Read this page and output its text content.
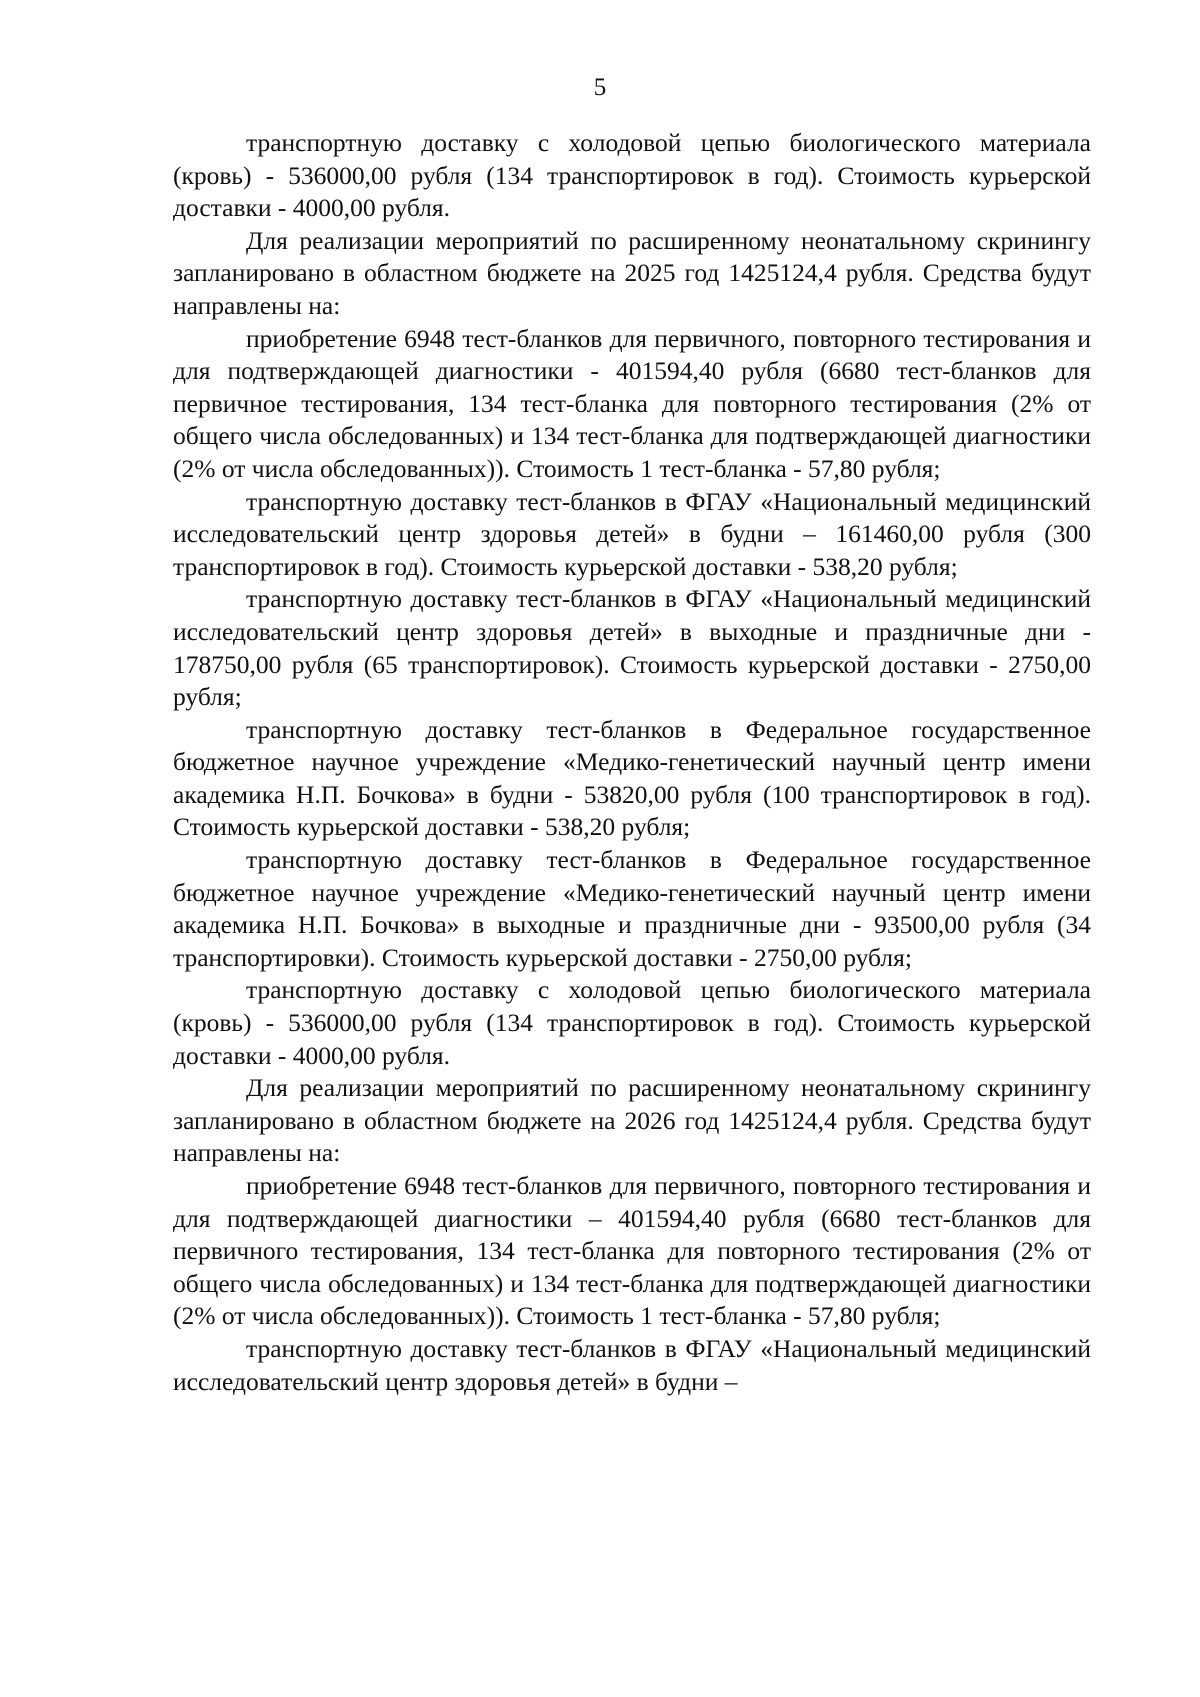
5

транспортную доставку с холодовой цепью биологического материала (кровь) - 536000,00 рубля (134 транспортировок в год). Стоимость курьерской доставки - 4000,00 рубля.

Для реализации мероприятий по расширенному неонатальному скринингу запланировано в областном бюджете на 2025 год 1425124,4 рубля. Средства будут направлены на:

приобретение 6948 тест-бланков для первичного, повторного тестирования и для подтверждающей диагностики - 401594,40 рубля (6680 тест-бланков для первичное тестирования, 134 тест-бланка для повторного тестирования (2% от общего числа обследованных) и 134 тест-бланка для подтверждающей диагностики (2% от числа обследованных)). Стоимость 1 тест-бланка - 57,80 рубля;

транспортную доставку тест-бланков в ФГАУ «Национальный медицинский исследовательский центр здоровья детей» в будни – 161460,00 рубля (300 транспортировок в год). Стоимость курьерской доставки - 538,20 рубля;

транспортную доставку тест-бланков в ФГАУ «Национальный медицинский исследовательский центр здоровья детей» в выходные и праздничные дни - 178750,00 рубля (65 транспортировок). Стоимость курьерской доставки - 2750,00 рубля;

транспортную доставку тест-бланков в Федеральное государственное бюджетное научное учреждение «Медико-генетический научный центр имени академика Н.П. Бочкова» в будни - 53820,00 рубля (100 транспортировок в год). Стоимость курьерской доставки - 538,20 рубля;

транспортную доставку тест-бланков в Федеральное государственное бюджетное научное учреждение «Медико-генетический научный центр имени академика Н.П. Бочкова» в выходные и праздничные дни - 93500,00 рубля (34 транспортировки). Стоимость курьерской доставки - 2750,00 рубля;

транспортную доставку с холодовой цепью биологического материала (кровь) - 536000,00 рубля (134 транспортировок в год). Стоимость курьерской доставки - 4000,00 рубля.

Для реализации мероприятий по расширенному неонатальному скринингу запланировано в областном бюджете на 2026 год 1425124,4 рубля. Средства будут направлены на:

приобретение 6948 тест-бланков для первичного, повторного тестирования и для подтверждающей диагностики – 401594,40 рубля (6680 тест-бланков для первичного тестирования, 134 тест-бланка для повторного тестирования (2% от общего числа обследованных) и 134 тест-бланка для подтверждающей диагностики (2% от числа обследованных)). Стоимость 1 тест-бланка - 57,80 рубля;

транспортную доставку тест-бланков в ФГАУ «Национальный медицинский исследовательский центр здоровья детей» в будни –
